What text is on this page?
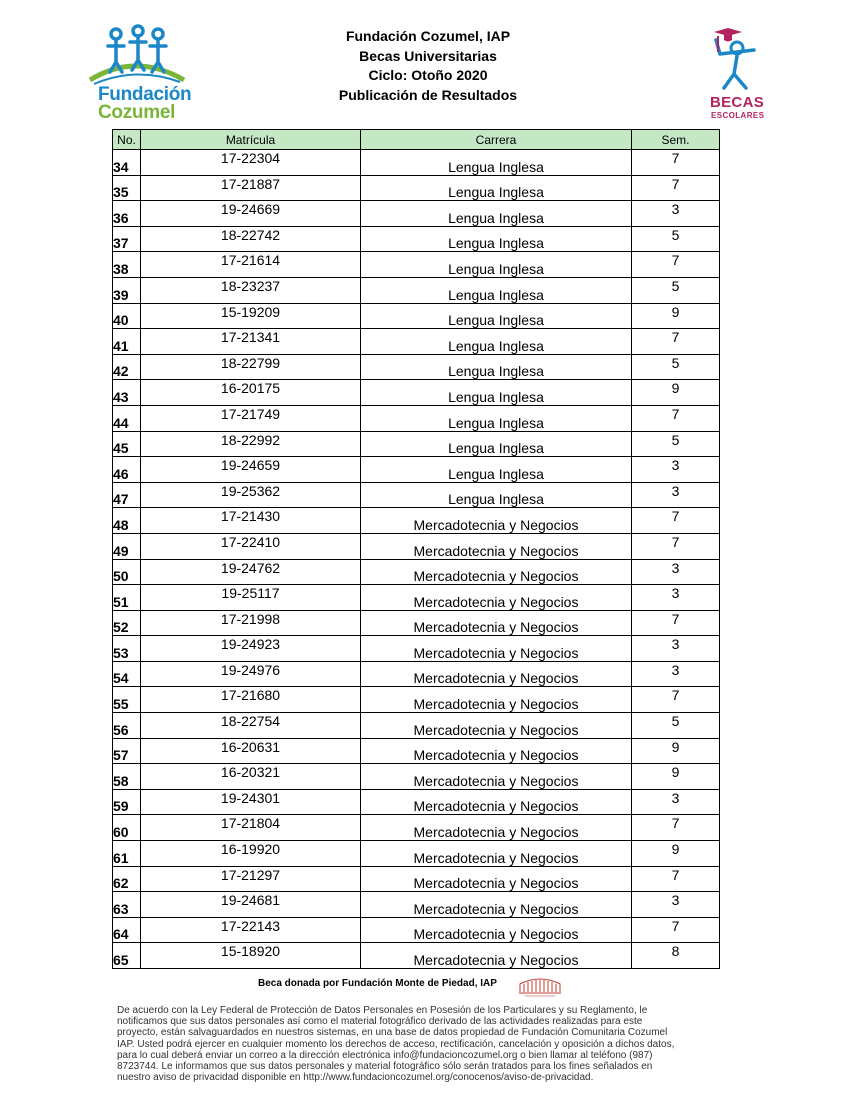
Fundación
Cozumel
Fundación Cozumel, IAP
Becas Universitarias
Ciclo: Otoño 2020
Publicación de Resultados	BECAS
ESCOLARES
No.	Matrícula	Carrera	Sem.
34	17-22304	Lengua Inglesa	7
35	17-21887	Lengua Inglesa	7
36	19-24669	Lengua Inglesa	3
37	18-22742	Lengua Inglesa	5
38	17-21614	Lengua Inglesa	7
39	18-23237	Lengua Inglesa	5
40	15-19209	Lengua Inglesa	9
41	17-21341	Lengua Inglesa	7
42	18-22799	Lengua Inglesa	5
43	16-20175	Lengua Inglesa	9
44	17-21749	Lengua Inglesa	7
45	18-22992	Lengua Inglesa	5
46	19-24659	Lengua Inglesa	3
47	19-25362	Lengua Inglesa	3
48	17-21430	Mercadotecnia y Negocios	7
49	17-22410	Mercadotecnia y Negocios	7
50	19-24762	Mercadotecnia y Negocios	3
51	19-25117	Mercadotecnia y Negocios	3
52	17-21998	Mercadotecnia y Negocios	7
53	19-24923	Mercadotecnia y Negocios	3
54	19-24976	Mercadotecnia y Negocios	3
55	17-21680	Mercadotecnia y Negocios	7
56	18-22754	Mercadotecnia y Negocios	5
57	16-20631	Mercadotecnia y Negocios	9
58	16-20321	Mercadotecnia y Negocios	9
59	19-24301	Mercadotecnia y Negocios	3
60	17-21804	Mercadotecnia y Negocios	7
61	16-19920	Mercadotecnia y Negocios	9
62	17-21297	Mercadotecnia y Negocios	7
63	19-24681	Mercadotecnia y Negocios	3
64	17-22143	Mercadotecnia y Negocios	7
65	15-18920	Mercadotecnia y Negocios	8
Beca donada por Fundación Monte de Piedad, IAP
De acuerdo con la Ley Federal de Protección de Datos Personales en Posesión de los Particulares y su Reglamento, le
notificamos que sus datos personales así como el material fotográfico derivado de las actividades realizadas para este
proyecto, están salvaguardados en nuestros sistemas, en una base de datos propiedad de Fundación Comunitaria Cozumel
IAP. Usted podrá ejercer en cualquier momento los derechos de acceso, rectificación, cancelación y oposición a dichos datos,
para lo cual deberá enviar un correo a la dirección electrónica info@fundacioncozumel.org o bien llamar al teléfono (987)
8723744. Le informamos que sus datos personales y material fotográfico sólo serán tratados para los fines señalados en
nuestro aviso de privacidad disponible en http://www.fundacioncozumel.org/conocenos/aviso-de-privacidad.
